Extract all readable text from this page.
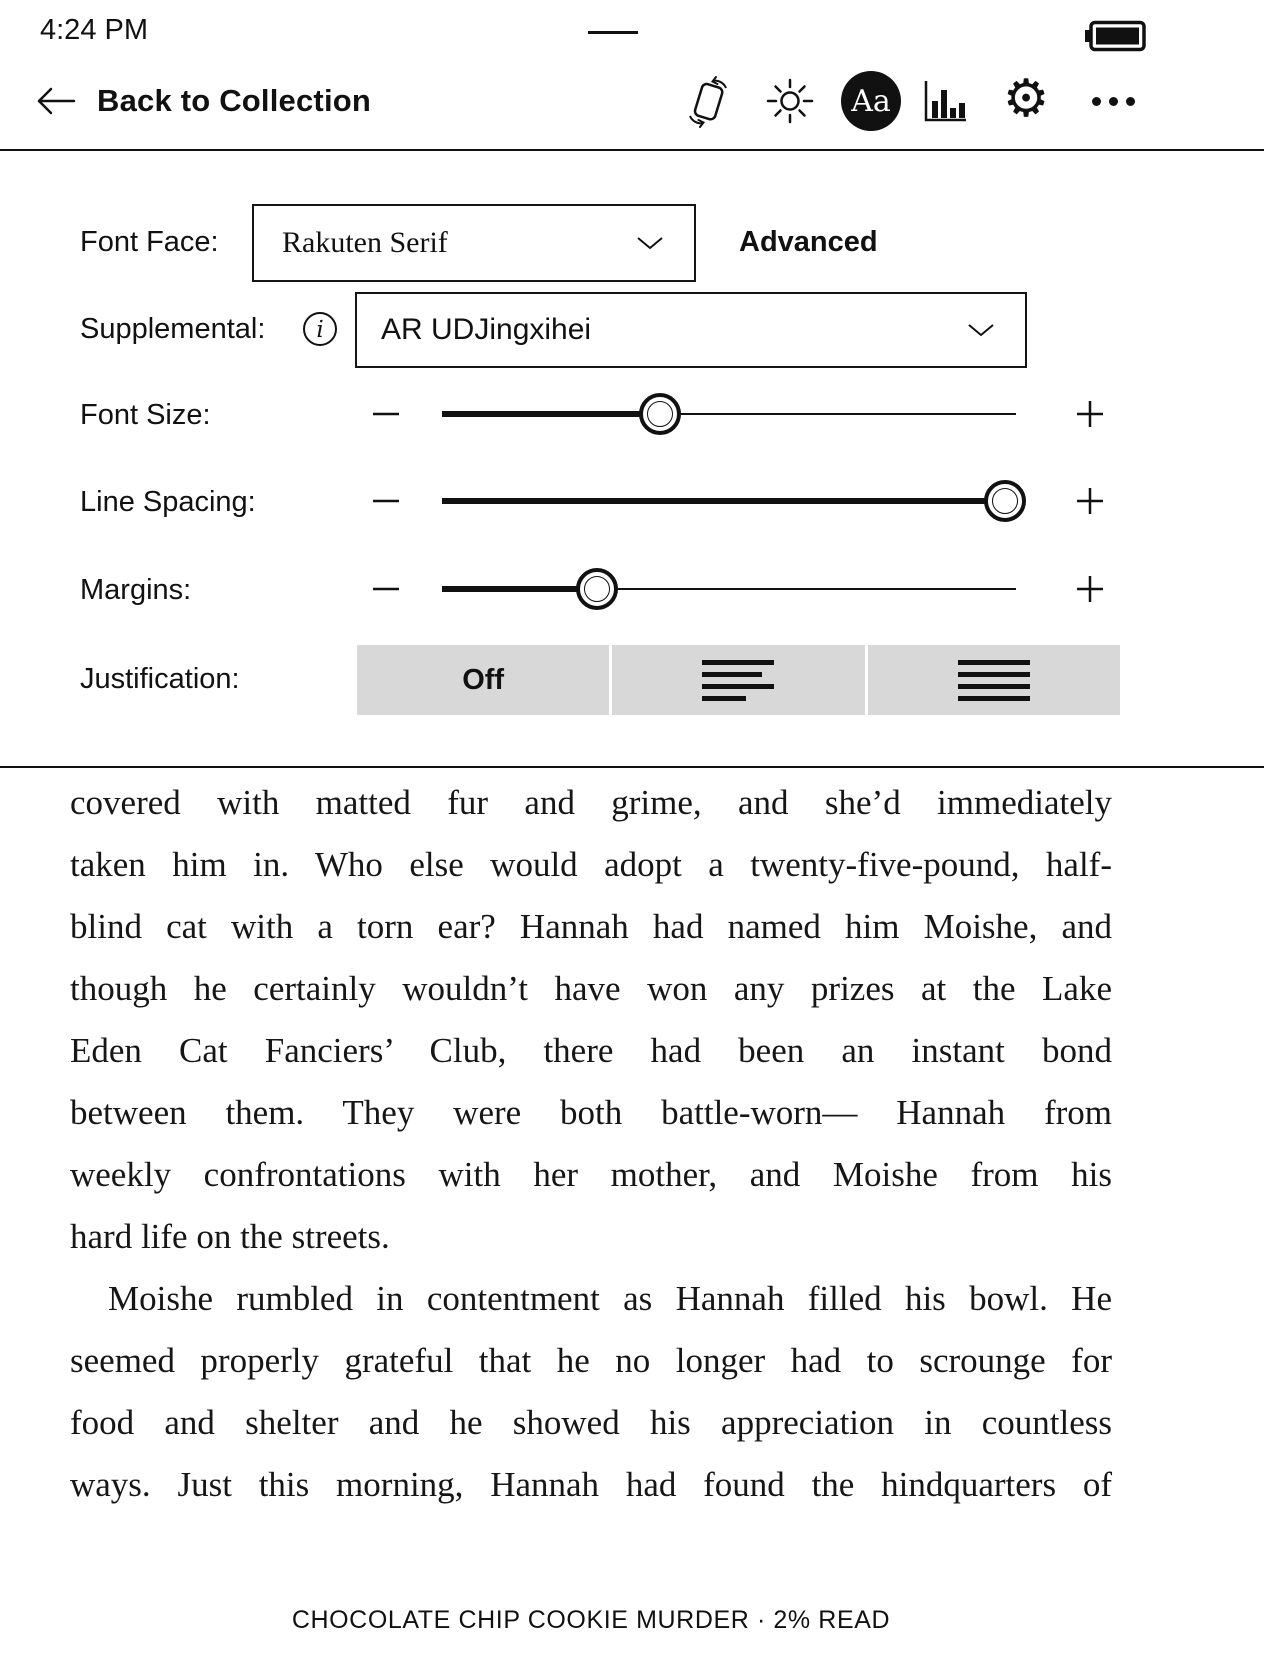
4:24 PM
Back to Collection	Aa ⚙
Font Face: Rakuten Serif	Advanced
Supplemental: i AR UDJingxihei
Font Size:
Line Spacing:
Margins:
Justification:	Off
covered with matted fur and grime, and she’d immediately
taken him in. Who else would adopt a twenty-five-pound, half-
blind cat with a torn ear? Hannah had named him Moishe, and
though he certainly wouldn’t have won any prizes at the Lake
Eden Cat Fanciers’ Club, there had been an instant bond
between them. They were both battle-worn— Hannah from
weekly confrontations with her mother, and Moishe from his
hard life on the streets.
Moishe rumbled in contentment as Hannah filled his bowl. He
seemed properly grateful that he no longer had to scrounge for
food and shelter and he showed his appreciation in countless
ways. Just this morning, Hannah had found the hindquarters of
CHOCOLATE CHIP COOKIE MURDER · 2% READ
